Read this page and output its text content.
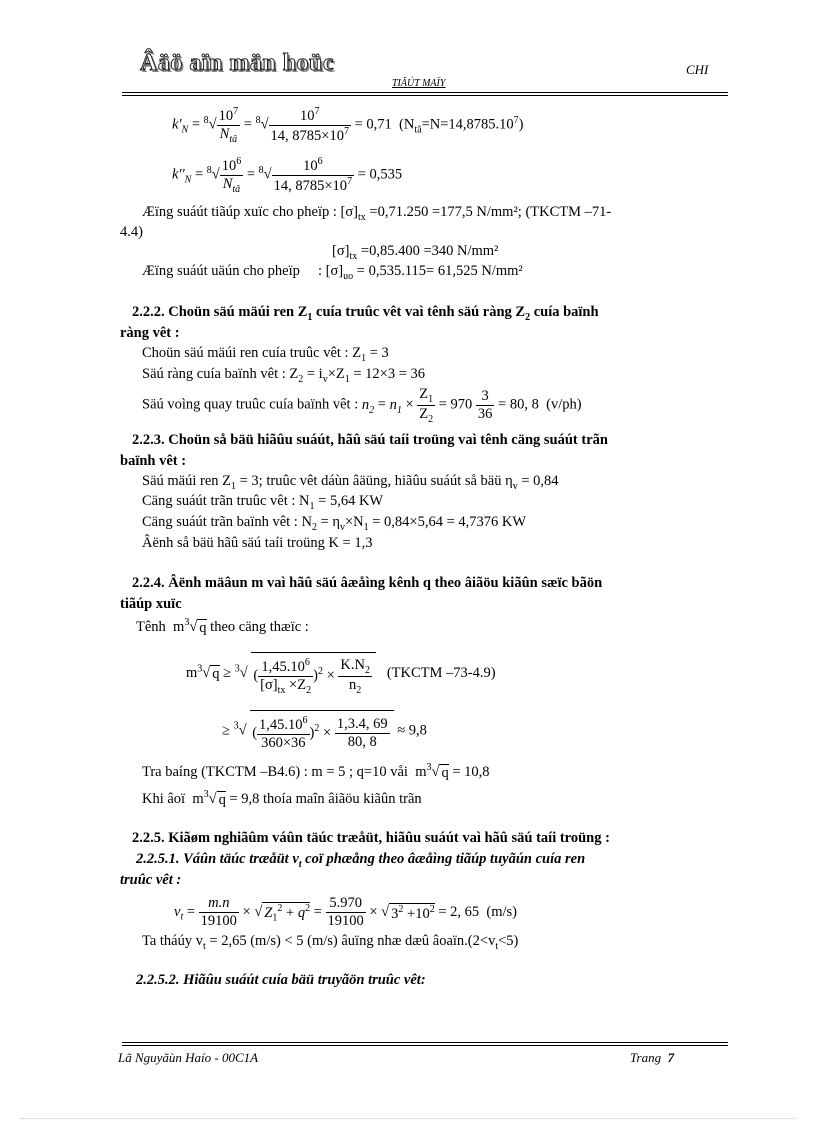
Âäö aïn män hoüc	CHI
TIÃÚT MAÏY
$k'_N = ^8√ \frac{10^7}{N_{tâ}} = ^8√ \frac{10^7}{14, 8785\times 10^7} = 0,71$ $(N_{tâ}=N=14,8785.10^7)$
$k''_N = ^8√ \frac{10^6}{N_{tâ}} = ^8√ \frac{10^6}{14, 8785\times 10^7} = 0,535$
Æïng suáút tiãúp xuïc cho pheïp : $[\sigma]_{tx} =0,71.250 =177,5$ N/mm²; (TKCTM –71-
4.4)
$[\sigma]_{tx} =0,85.400 =340$ N/mm²
Æïng suáút uäún cho pheïp : $[\sigma]_{uo} = 0,535.115= 61,525$ N/mm²
2.2.2. Choün säú mäúi ren $Z_1$ cuía truûc vêt vaì tênh säú ràng $Z_2$ cuía baïnh
ràng vêt :
Choün säú mäúi ren cuía truûc vêt : $Z_1 = 3$
Säú ràng cuía baïnh vêt : $Z_2 = i_v\times Z_1 = 12\times 3 = 36$
Säú voìng quay truûc cuía baïnh vêt : $n_2 = n_1 \times \frac{Z_1}{Z_2} = 970 \frac{3}{36} = 80$, 8 (v/ph)
2.2.3. Choün så bäü hiãûu suáút, hãû säú taíi troüng vaì tênh cäng suáút trãn
baïnh vêt :
Säú mäúi ren $Z_1 = 3$; truûc vêt dáùn âäüng, hiãûu suáút så bäü $\eta_v = 0,84$
Cäng suáút trãn truûc vêt : $N_1 = 5,64$ KW
Cäng suáút trãn baïnh vêt : $N_2 = \eta_v\times N_1 = 0,84\times 5,64 = 4,7376$ KW
Âënh så bäü hãû säú taíi troüng K = 1,3
2.2.4. Âënh mäâun m vaì hãû säú âæåìng kênh q theo âiãöu kiãûn sæïc bãön
tiãúp xuïc
Tênh $m^3√$ q theo cäng thæïc :
$m^3√$ q ≥ $^3$√ ( $\frac{1,45.10^6}{[\sigma]_{tx} \times Z_2} )^2 \times \frac{K.N_2}{n_2}$ (TKCTM –73-4.9)
≥ $^3$√ ( $\frac{1,45.10^6}{360\times 36} )^2 \times \frac{1,3.4, 69}{80, 8} \approx 9,8$
Tra baíng (TKCTM –B4.6) : m = 5 ; q=10 våi $m^3√$ q = 10,8
Khi âoï $m^3√$ q = 9,8 thoía maîn âiãöu kiãûn trãn
2.2.5. Kiãøm nghiãûm váûn täúc træåüt, hiãûu suáút vaì hãû säú taíi troüng :
2.2.5.1. Váûn täúc træåüt $v_t$ coï phæång theo âæåìng tiãúp tuyãún cuía ren
truûc vêt :
$v_t = \frac{m.n}{19100}$ × √ $Z_1^2 + q^2 = \frac{5.970}{19100}$ × √ $3^2 +10^2 = 2$, 65 (m/s)
Ta tháúy $v_t = 2,65$ (m/s) < 5 (m/s) âuïng nhæ dæû $âoaïn.(2<v_t<5)$
2.2.5.2. Hiãûu suáút cuía bäü truyãön truûc vêt:
Lã Nguyãùn Haío - 00C1A	Trang 7
